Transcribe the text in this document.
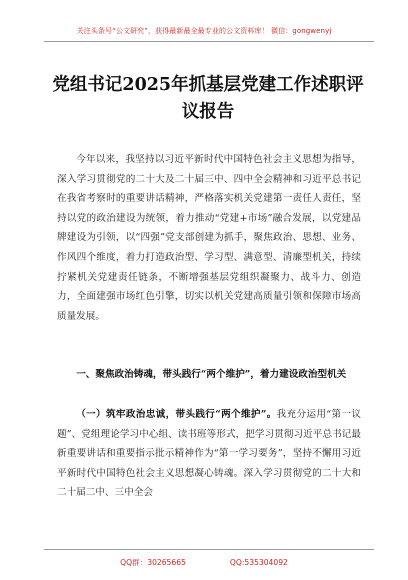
关注头条号“公文研究”，获得最新最全最专业的公文资料库！ 微信：gongwenyj
党组书记2025年抓基层党建工作述职评议报告

今年以来，我坚持以习近平新时代中国特色社会主义思想为指导，深入学习贯彻党的二十大及二十届三中、四中全会精神和习近平总书记在我省考察时的重要讲话精神，严格落实机关党建第一责任人责任，坚持以党的政治建设为统领，着力推动“党建+市场”融合发展，以党建品牌建设为引领，以“四强”党支部创建为抓手，聚焦政治、思想、业务、作风四个维度，着力打造政治型、学习型、满意型、清廉型机关，持续拧紧机关党建责任链条，不断增强基层党组织凝聚力、战斗力、创造力，全面建强市场红色引擎，切实以机关党建高质量引领和保障市场高质量发展。

一、聚焦政治铸魂，带头践行“两个维护”，着力建设政治型机关

（一）筑牢政治忠诚，带头践行“两个维护”。我充分运用“第一议题”、党组理论学习中心组、读书班等形式，把学习贯彻习近平总书记最新重要讲话和重要指示批示精神作为“第一学习要务”，坚持不懈用习近平新时代中国特色社会主义思想凝心铸魂。深入学习贯彻党的二十大和二十届二中、三中全会

QQ群：30265665	QQ:535304092
